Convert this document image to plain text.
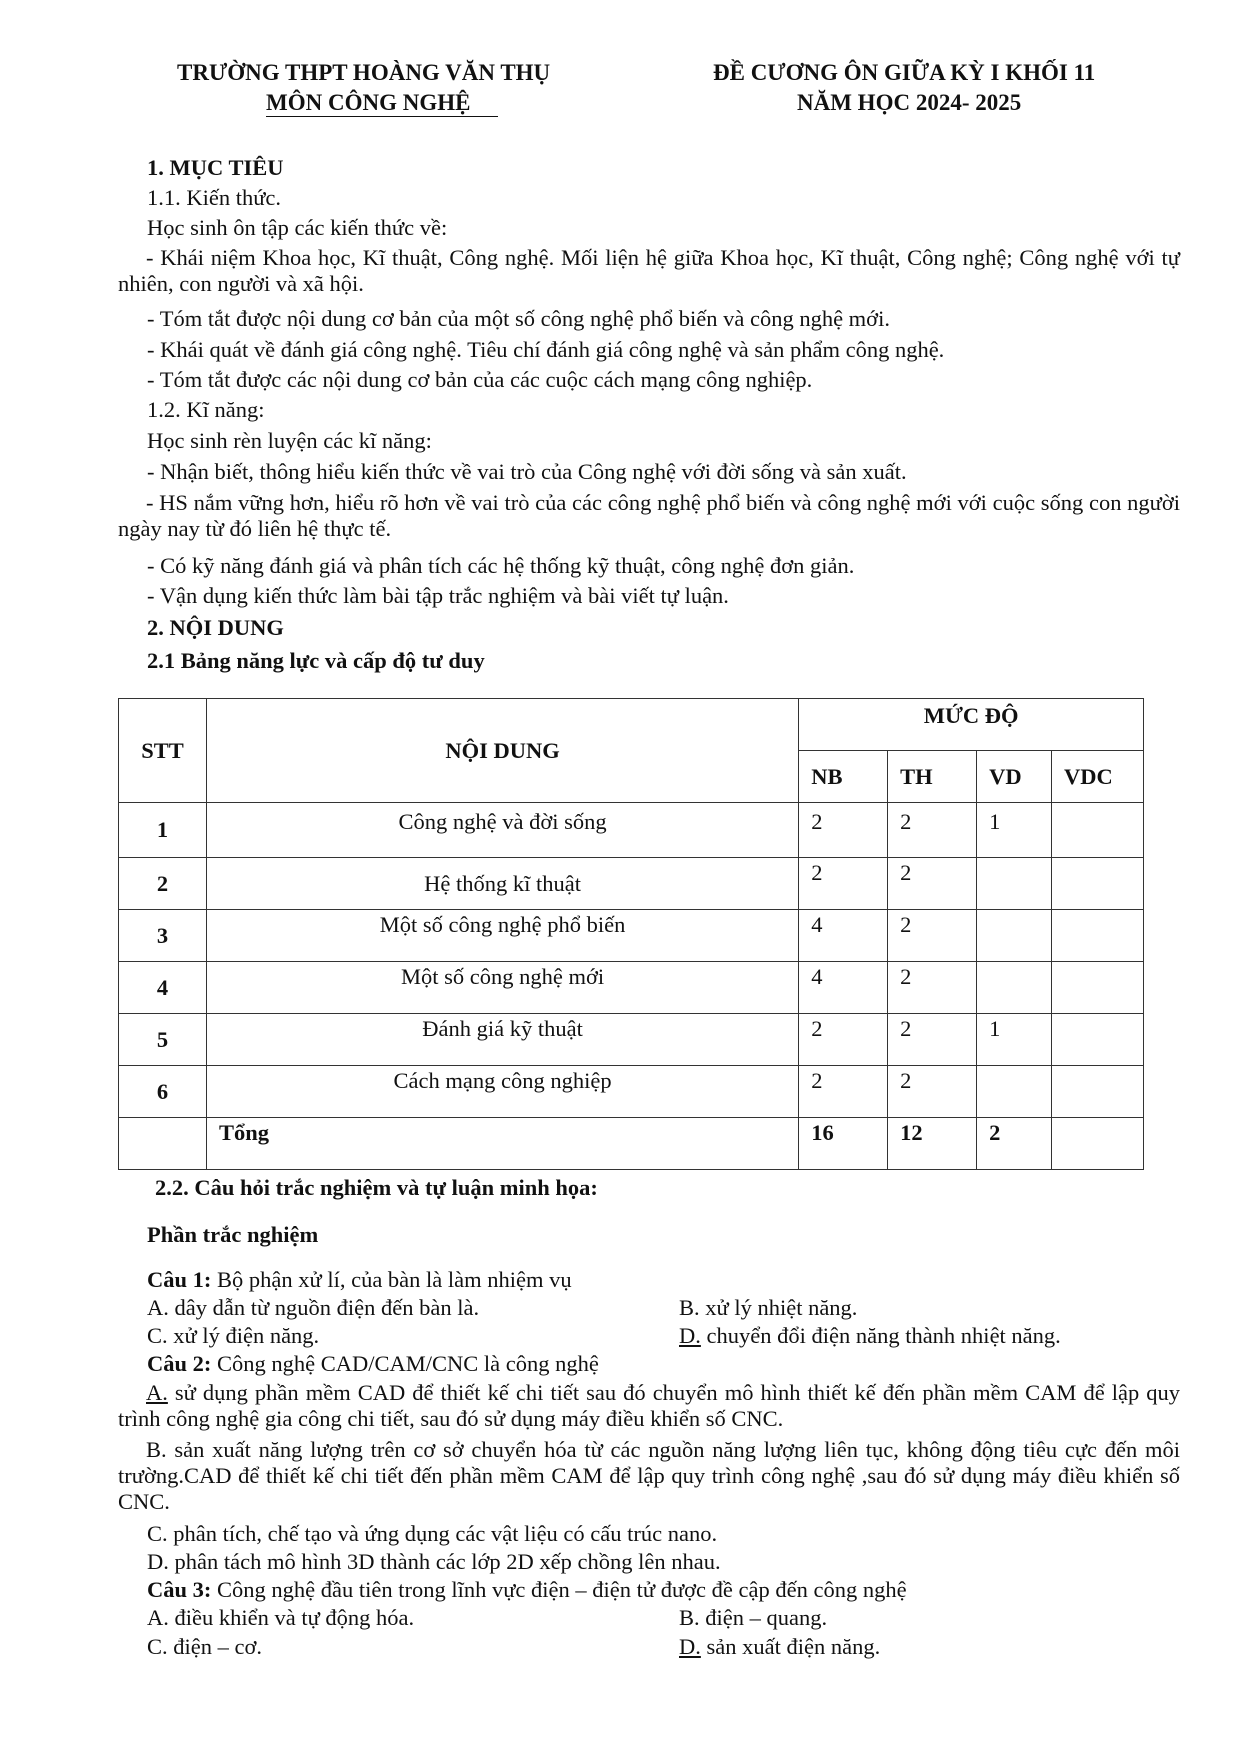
TRƯỜNG THPT HOÀNG VĂN THỤ
MÔN CÔNG NGHỆ
ĐỀ CƯƠNG ÔN GIỮA KỲ I KHỐI 11
NĂM HỌC 2024- 2025
1. MỤC TIÊU
1.1. Kiến thức.
Học sinh ôn tập các kiến thức về:
- Khái niệm Khoa học, Kĩ thuật, Công nghệ. Mối liện hệ giữa Khoa học, Kĩ thuật, Công nghệ; Công nghệ với tự nhiên, con người và xã hội.
- Tóm tắt được nội dung cơ bản của một số công nghệ phổ biến và công nghệ mới.
- Khái quát về đánh giá công nghệ. Tiêu chí đánh giá công nghệ và sản phẩm công nghệ.
- Tóm tắt được các nội dung cơ bản của các cuộc cách mạng công nghiệp.
1.2. Kĩ năng:
Học sinh rèn luyện các kĩ năng:
- Nhận biết, thông hiểu kiến thức về vai trò của Công nghệ với đời sống và sản xuất.
- HS nắm vững hơn, hiểu rõ hơn về vai trò của các công nghệ phổ biến và công nghệ mới với cuộc sống con người ngày nay từ đó liên hệ thực tế.
- Có kỹ năng đánh giá và phân tích các hệ thống kỹ thuật, công nghệ đơn giản.
- Vận dụng kiến thức làm bài tập trắc nghiệm và bài viết tự luận.
2. NỘI DUNG
2.1 Bảng năng lực và cấp độ tư duy
STT	NỘI DUNG	MỨC ĐỘ			
		NB	TH	VD	VDC
1	Công nghệ và đời sống	2	2	1	
2	Hệ thống kĩ thuật	2	2		
3	Một số công nghệ phổ biến	4	2		
4	Một số công nghệ mới	4	2		
5	Đánh giá kỹ thuật	2	2	1	
6	Cách mạng công nghiệp	2	2		
	Tổng	16	12	2	
2.2. Câu hỏi trắc nghiệm và tự luận minh họa:
Phần trắc nghiệm
Câu 1: Bộ phận xử lí, của bàn là làm nhiệm vụ
A. dây dẫn từ nguồn điện đến bàn là.	B. xử lý nhiệt năng.
C. xử lý điện năng.	D. chuyển đổi điện năng thành nhiệt năng.
Câu 2: Công nghệ CAD/CAM/CNC là công nghệ
A. sử dụng phần mềm CAD để thiết kế chi tiết sau đó chuyển mô hình thiết kế đến phần mềm CAM để lập quy trình công nghệ gia công chi tiết, sau đó sử dụng máy điều khiển số CNC.
B. sản xuất năng lượng trên cơ sở chuyển hóa từ các nguồn năng lượng liên tục, không động tiêu cực đến môi trường.CAD để thiết kế chi tiết đến phần mềm CAM để lập quy trình công nghệ ,sau đó sử dụng máy điều khiển số CNC.
C. phân tích, chế tạo và ứng dụng các vật liệu có cấu trúc nano.
D. phân tách mô hình 3D thành các lớp 2D xếp chồng lên nhau.
Câu 3: Công nghệ đầu tiên trong lĩnh vực điện – điện tử được đề cập đến công nghệ
A. điều khiển và tự động hóa.	B. điện – quang.
C. điện – cơ.	D. sản xuất điện năng.
